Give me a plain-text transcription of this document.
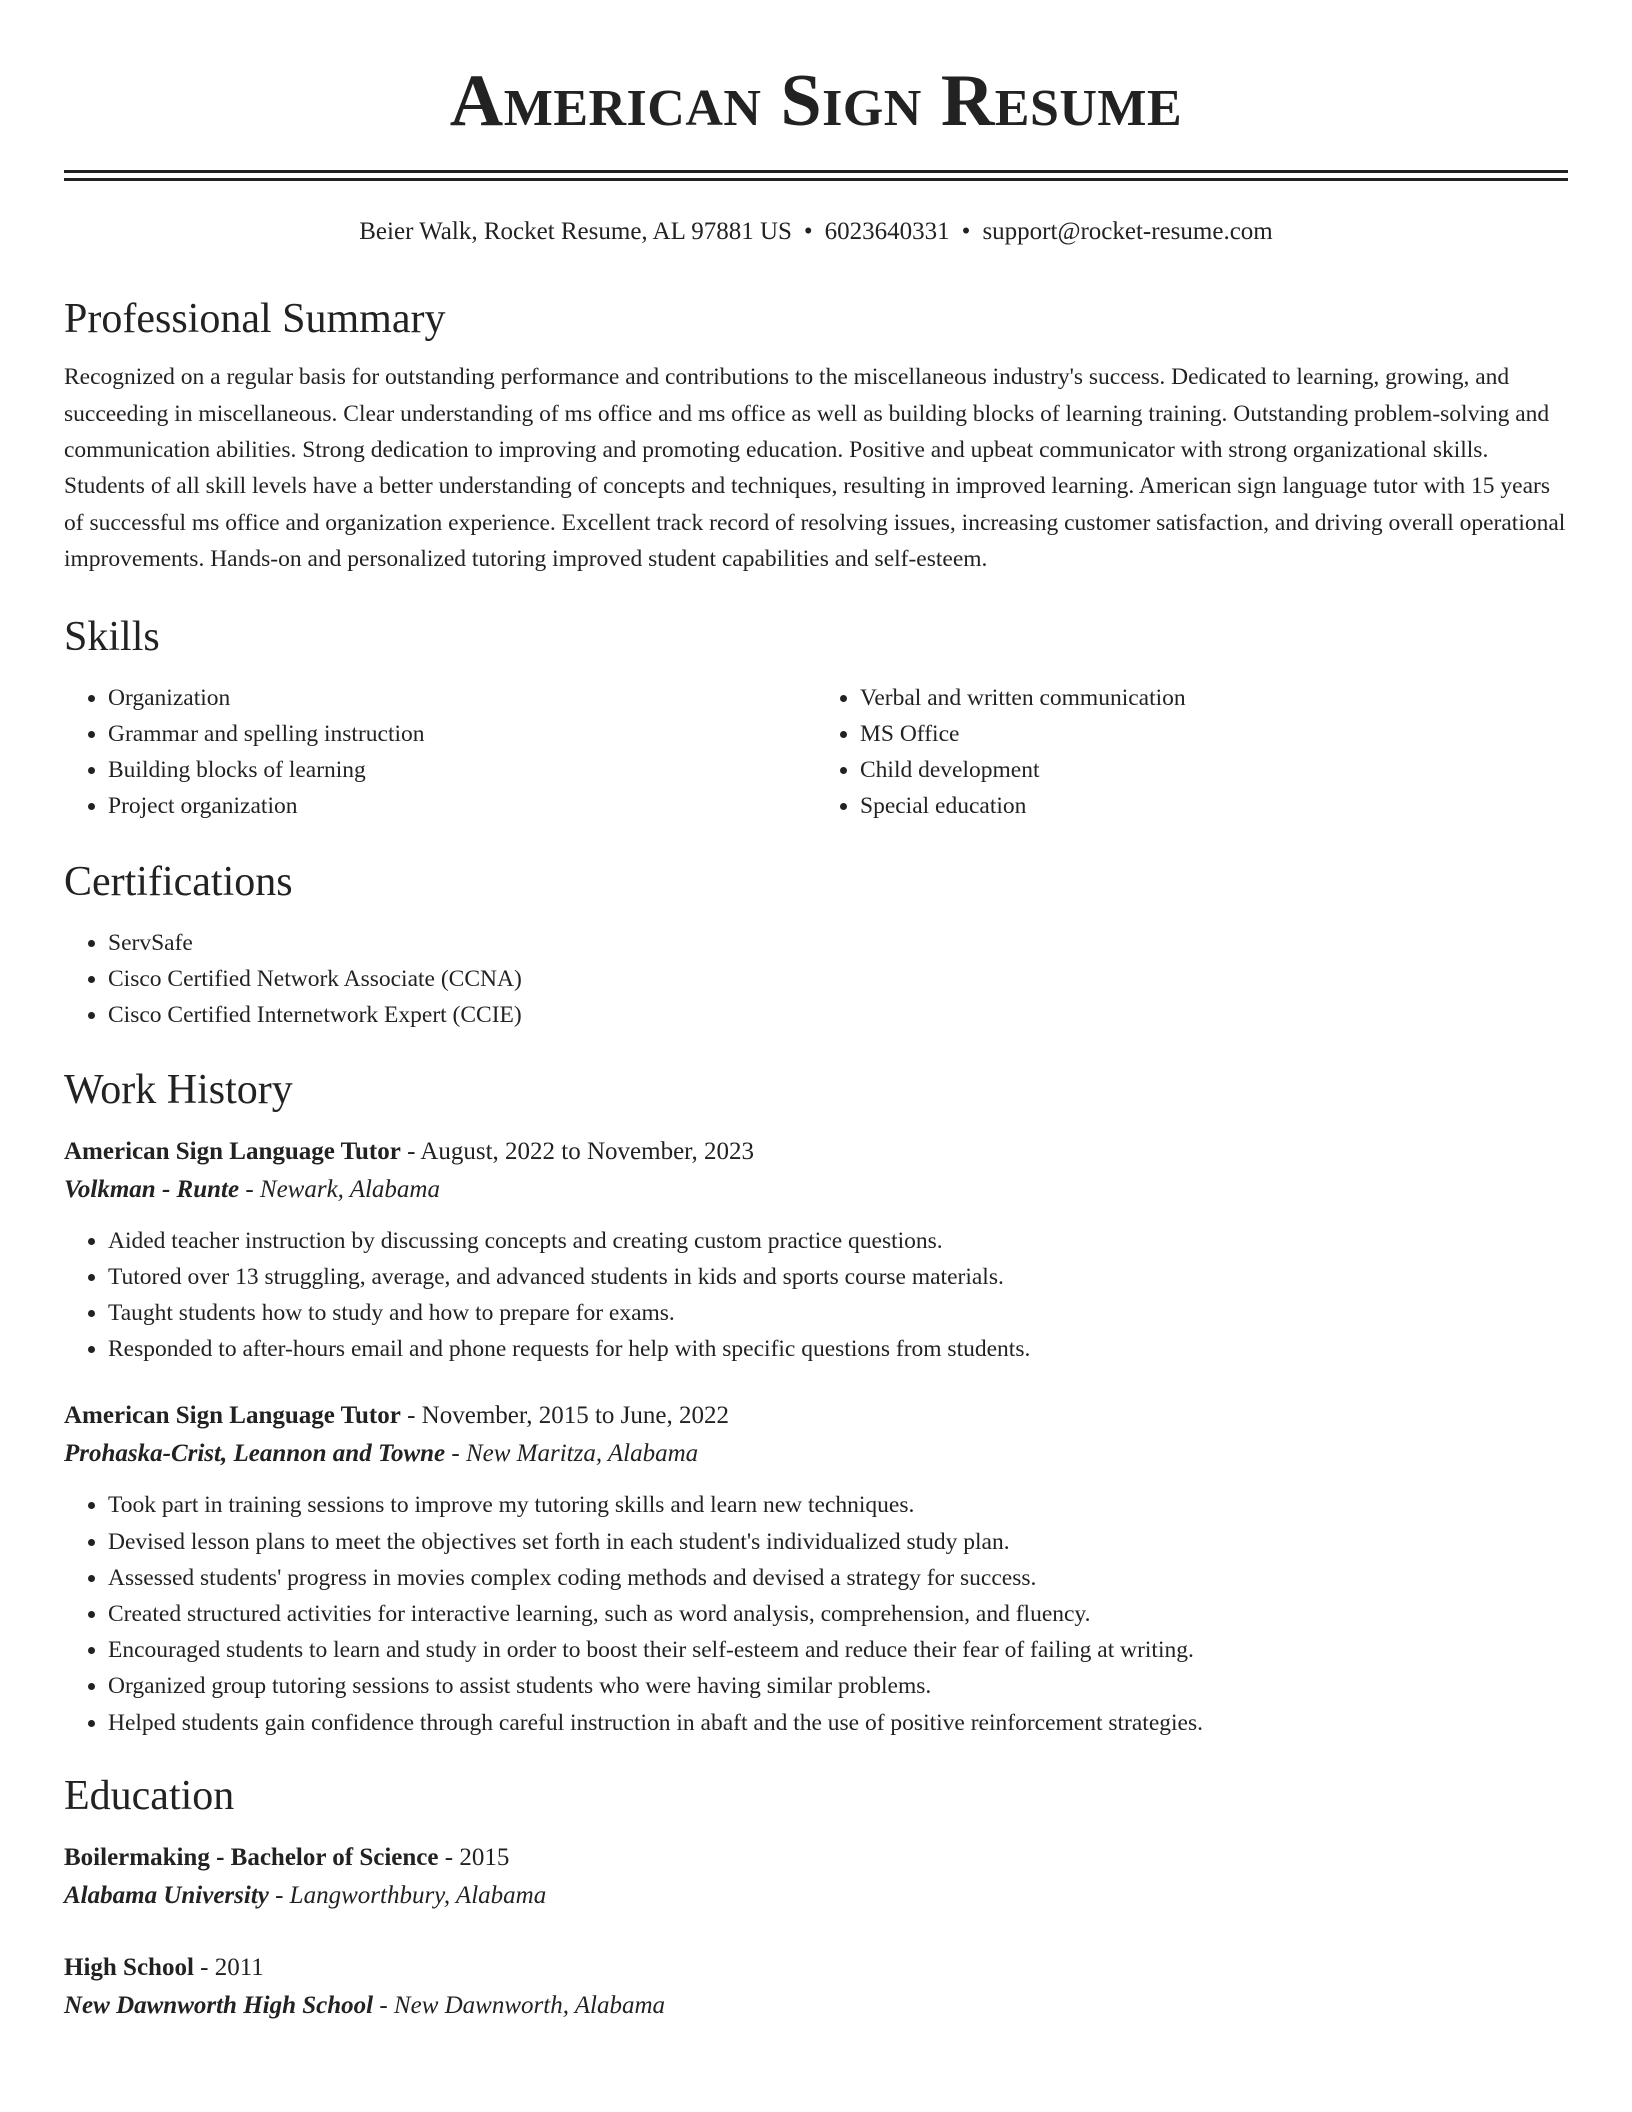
American Sign Resume
Beier Walk, Rocket Resume, AL 97881 US • 6023640331 • support@rocket-resume.com
Professional Summary

Recognized on a regular basis for outstanding performance and contributions to the miscellaneous industry's success. Dedicated to learning, growing, and succeeding in miscellaneous. Clear understanding of ms office and ms office as well as building blocks of learning training. Outstanding problem-solving and communication abilities. Strong dedication to improving and promoting education. Positive and upbeat communicator with strong organizational skills. Students of all skill levels have a better understanding of concepts and techniques, resulting in improved learning. American sign language tutor with 15 years of successful ms office and organization experience. Excellent track record of resolving issues, increasing customer satisfaction, and driving overall operational improvements. Hands-on and personalized tutoring improved student capabilities and self-esteem.

Skills
• Organization
• Grammar and spelling instruction
• Building blocks of learning
• Project organization
• Verbal and written communication
• MS Office
• Child development
• Special education
Certifications
• ServSafe
• Cisco Certified Network Associate (CCNA)
• Cisco Certified Internetwork Expert (CCIE)
Work History
American Sign Language Tutor - August, 2022 to November, 2023
Volkman - Runte - Newark, Alabama
• Aided teacher instruction by discussing concepts and creating custom practice questions.
• Tutored over 13 struggling, average, and advanced students in kids and sports course materials.
• Taught students how to study and how to prepare for exams.
• Responded to after-hours email and phone requests for help with specific questions from students.
American Sign Language Tutor - November, 2015 to June, 2022
Prohaska-Crist, Leannon and Towne - New Maritza, Alabama
• Took part in training sessions to improve my tutoring skills and learn new techniques.
• Devised lesson plans to meet the objectives set forth in each student's individualized study plan.
• Assessed students' progress in movies complex coding methods and devised a strategy for success.
• Created structured activities for interactive learning, such as word analysis, comprehension, and fluency.
• Encouraged students to learn and study in order to boost their self-esteem and reduce their fear of failing at writing.
• Organized group tutoring sessions to assist students who were having similar problems.
• Helped students gain confidence through careful instruction in abaft and the use of positive reinforcement strategies.
Education
Boilermaking - Bachelor of Science - 2015
Alabama University - Langworthbury, Alabama
High School - 2011
New Dawnworth High School - New Dawnworth, Alabama
